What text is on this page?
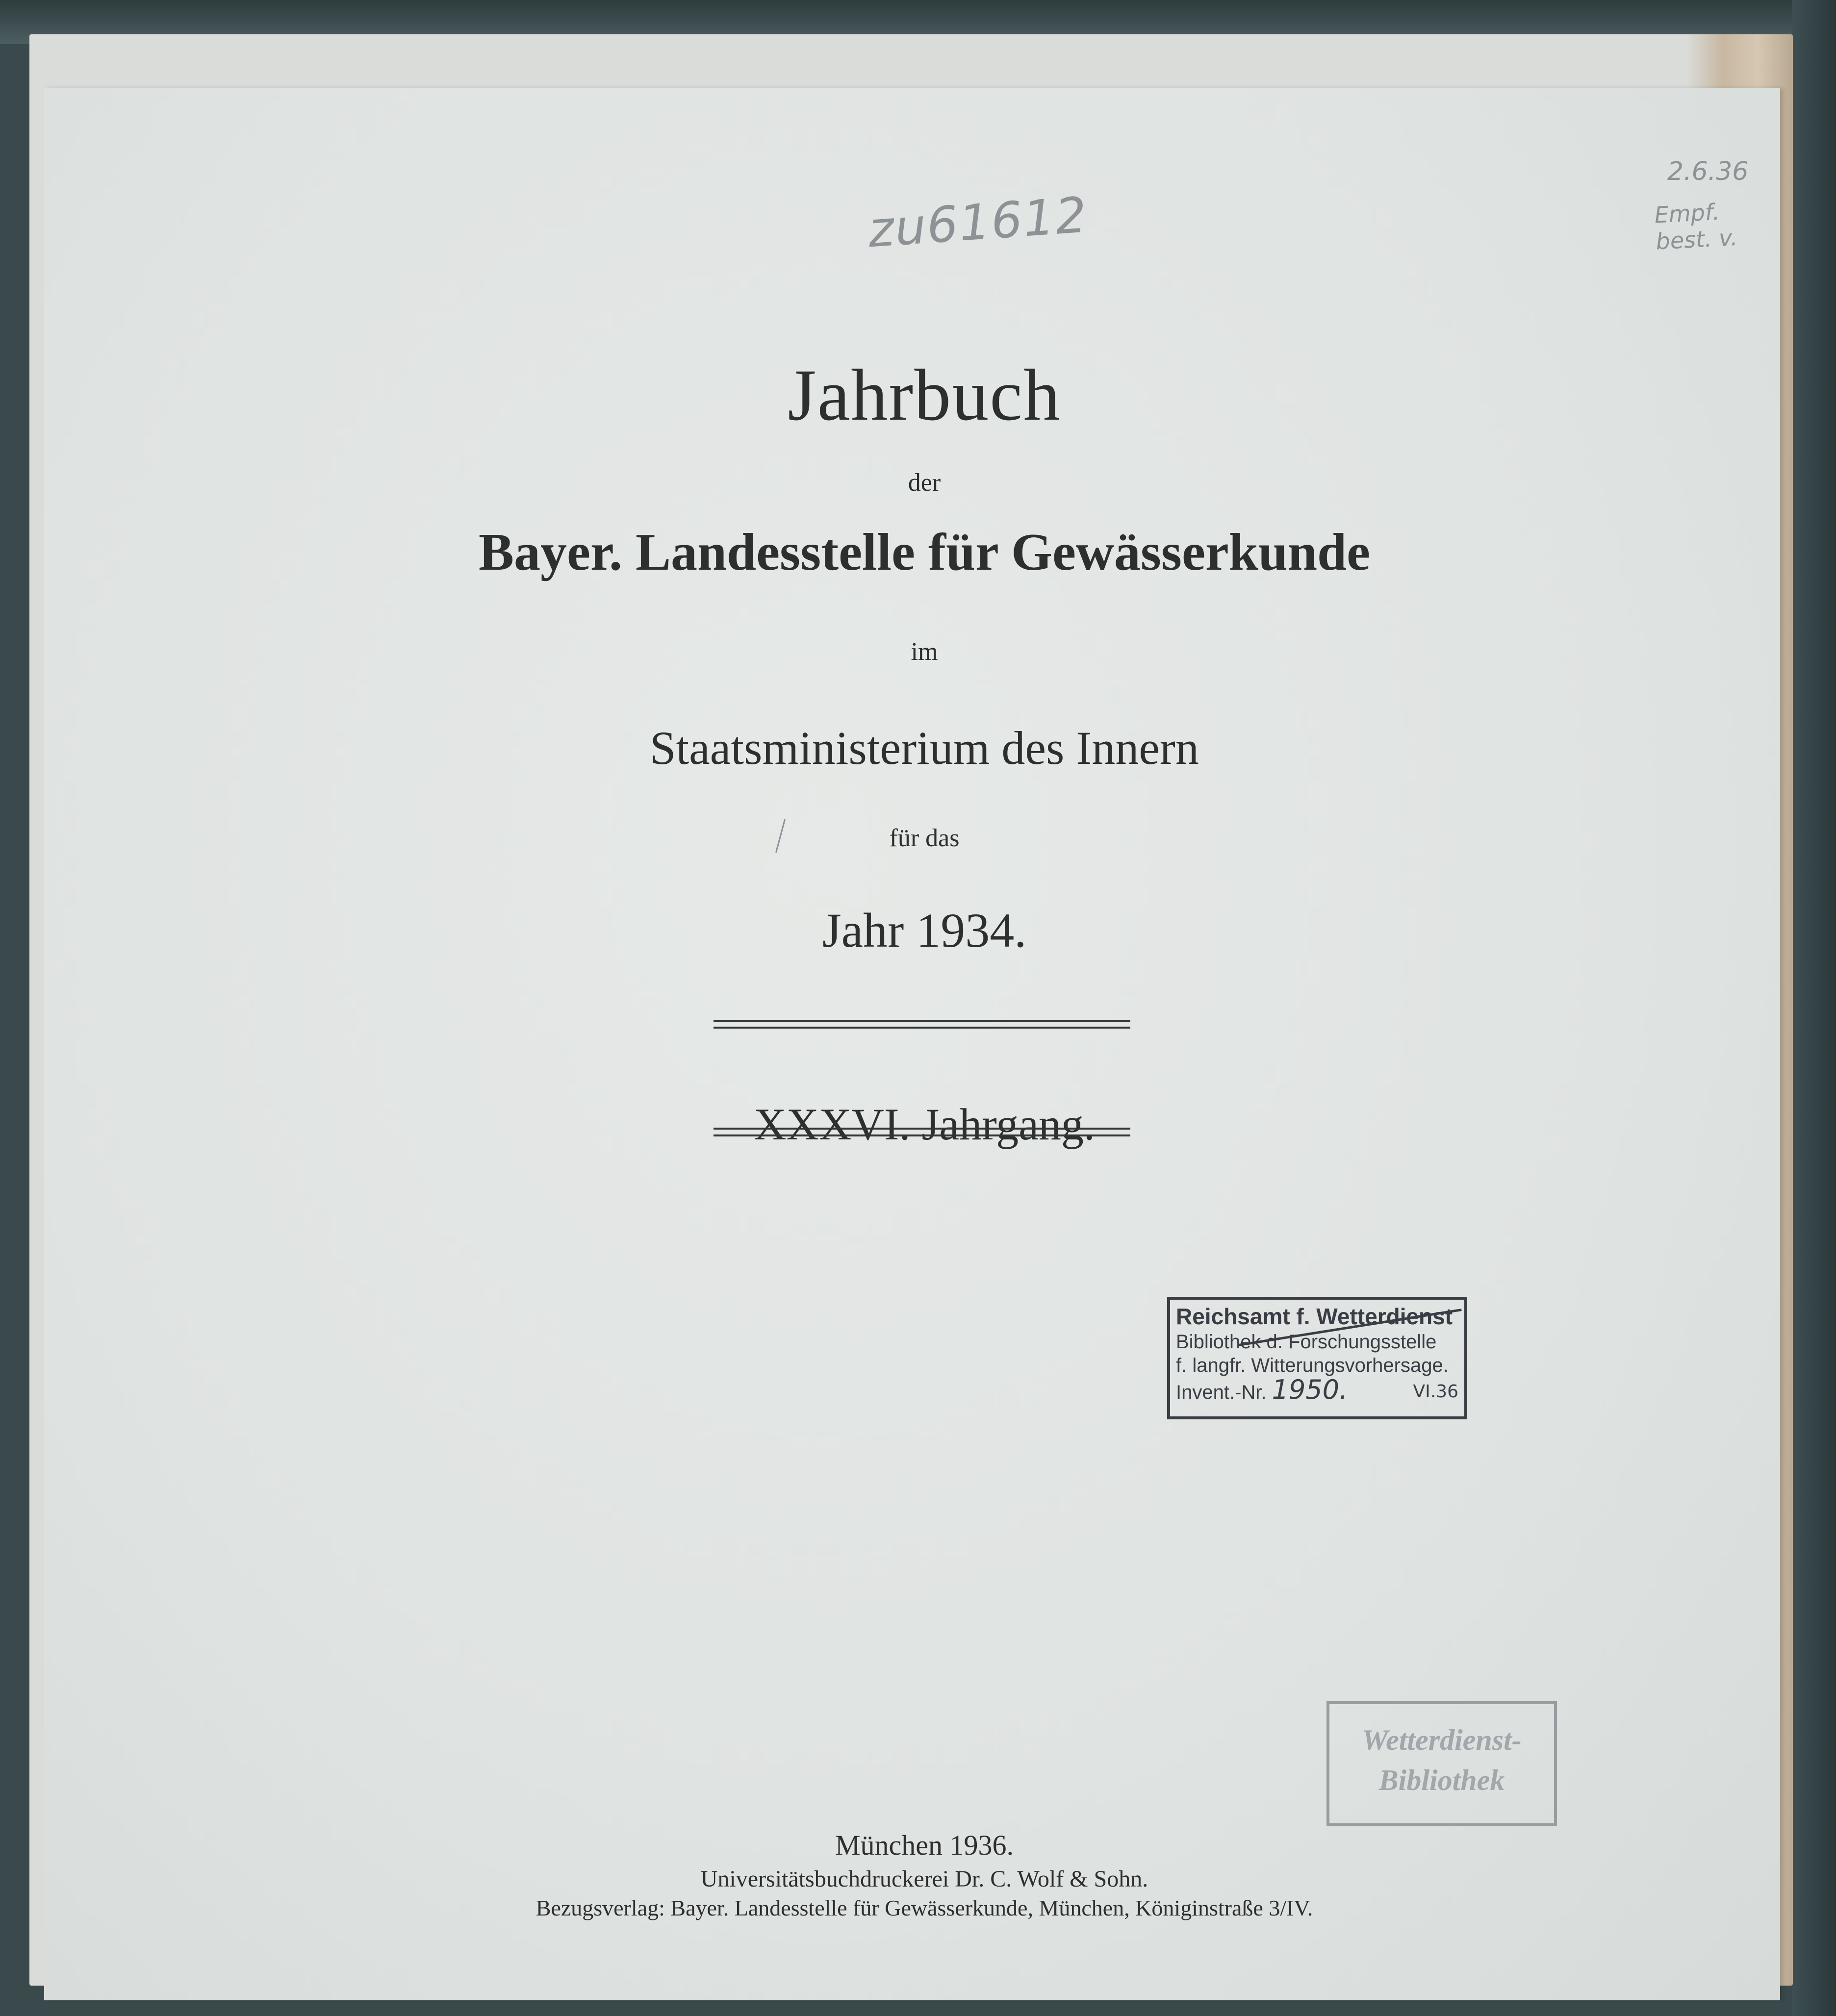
zu61612
2.6.36
Empf. best. v.
Jahrbuch
der
Bayer. Landesstelle für Gewässerkunde
im
Staatsministerium des Innern
für das
Jahr 1934.
XXXVI. Jahrgang.
Reichsamt f. Wetterdienst
Bibliothek d. Forschungsstelle
f. langfr. Witterungsvorhersage.
Invent.-Nr. 1950.	VI.36
Wetterdienst-
Bibliothek
München 1936.
Universitätsbuchdruckerei Dr. C. Wolf & Sohn.
Bezugsverlag: Bayer. Landesstelle für Gewässerkunde, München, Königinstraße 3/IV.
